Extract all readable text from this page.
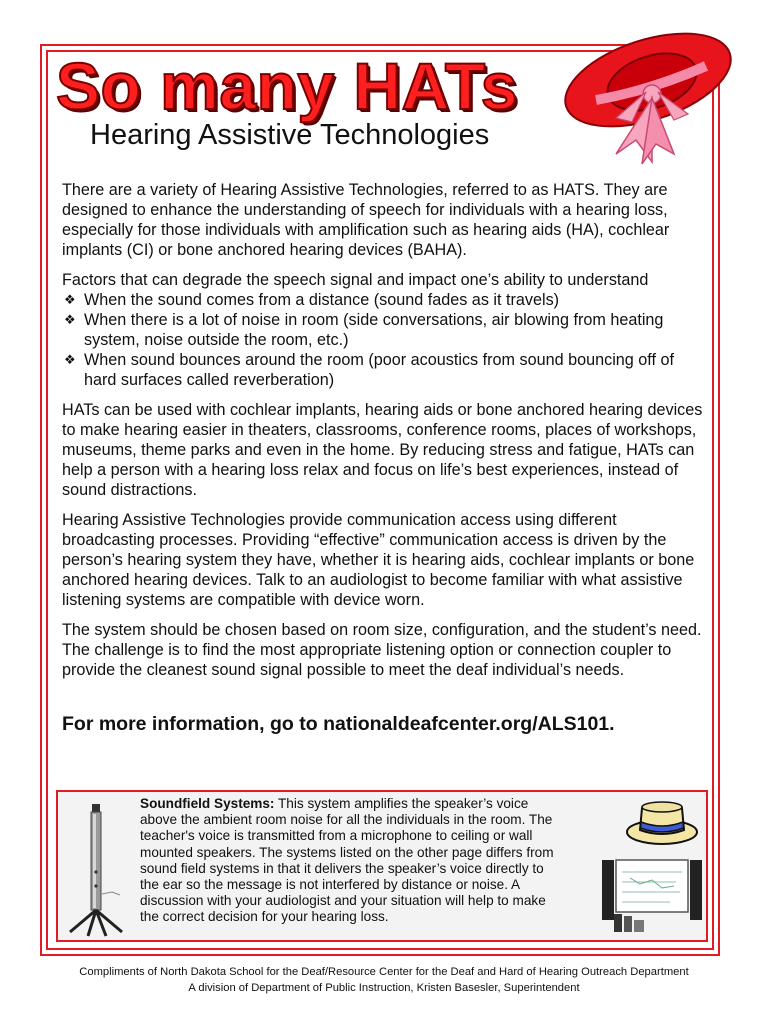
So many HATs
Hearing Assistive Technologies

There are a variety of Hearing Assistive Technologies, referred to as HATS. They are designed to enhance the understanding of speech for individuals with a hearing loss, especially for those individuals with amplification such as hearing aids (HA), cochlear implants (CI) or bone anchored hearing devices (BAHA).

Factors that can degrade the speech signal and impact one’s ability to understand
❖ When the sound comes from a distance (sound fades as it travels)
❖ When there is a lot of noise in room (side conversations, air blowing from heating system, noise outside the room, etc.)
❖ When sound bounces around the room (poor acoustics from sound bouncing off of hard surfaces called reverberation)

HATs can be used with cochlear implants, hearing aids or bone anchored hearing devices to make hearing easier in theaters, classrooms, conference rooms, places of workshops, museums, theme parks and even in the home. By reducing stress and fatigue, HATs can help a person with a hearing loss relax and focus on life’s best experiences, instead of sound distractions.

Hearing Assistive Technologies provide communication access using different broadcasting processes. Providing “effective” communication access is driven by the person’s hearing system they have, whether it is hearing aids, cochlear implants or bone anchored hearing devices. Talk to an audiologist to become familiar with what assistive listening systems are compatible with device worn.

The system should be chosen based on room size, configuration, and the student’s need. The challenge is to find the most appropriate listening option or connection coupler to provide the cleanest sound signal possible to meet the deaf individual’s needs.

For more information, go to nationaldeafcenter.org/ALS101.

Soundfield Systems: This system amplifies the speaker’s voice above the ambient room noise for all the individuals in the room. The teacher's voice is transmitted from a microphone to ceiling or wall mounted speakers. The systems listed on the other page differs from sound field systems in that it delivers the speaker’s voice directly to the ear so the message is not interfered by distance or noise. A discussion with your audiologist and your situation will help to make the correct decision for your hearing loss.
Compliments of North Dakota School for the Deaf/Resource Center for the Deaf and Hard of Hearing Outreach Department
A division of Department of Public Instruction, Kristen Basesler, Superintendent
